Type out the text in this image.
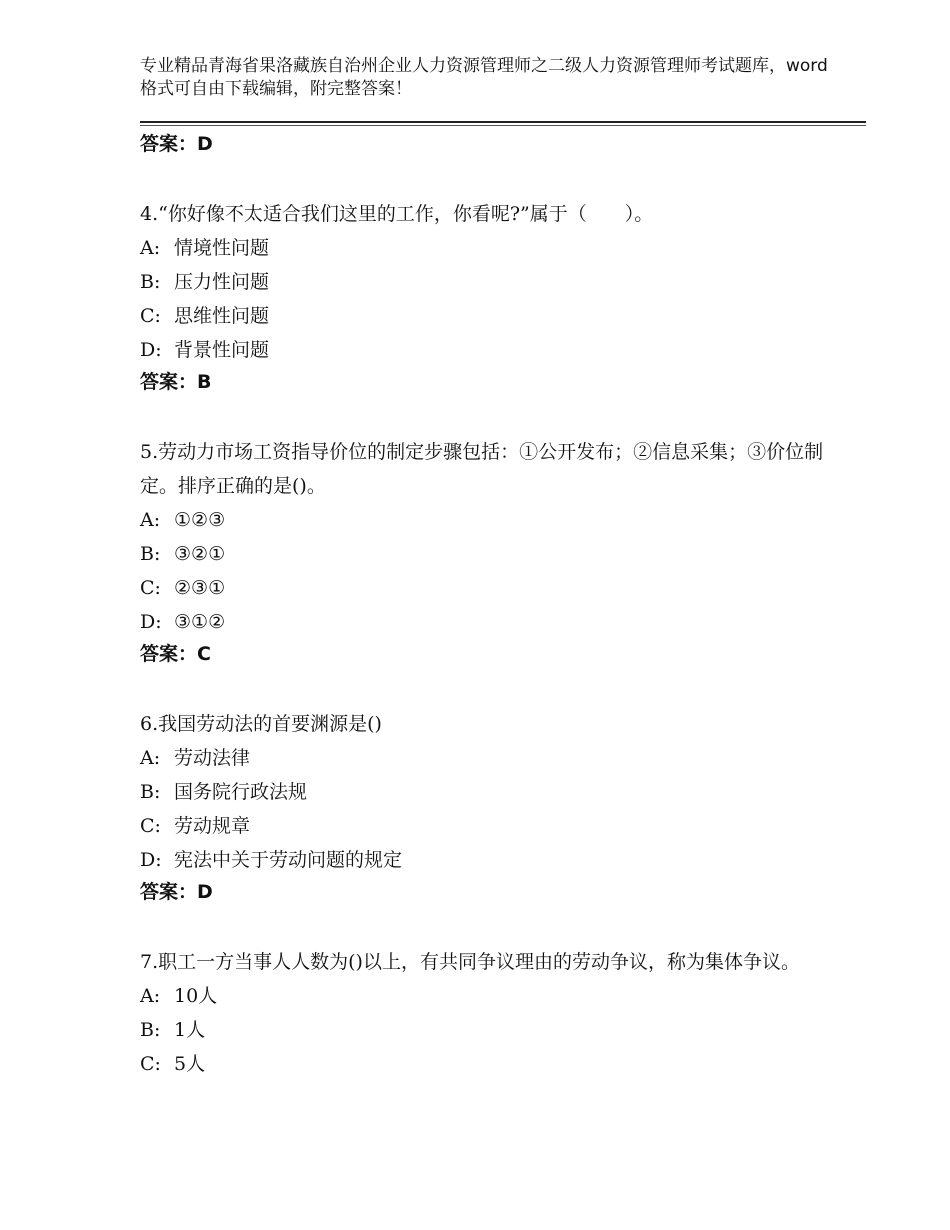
专业精品青海省果洛藏族自治州企业人力资源管理师之二级人力资源管理师考试题库，word格式可自由下载编辑，附完整答案！
答案：D
4.“你好像不太适合我们这里的工作，你看呢?”属于（　　）。
A: 情境性问题
B: 压力性问题
C: 思维性问题
D: 背景性问题
答案：B
5.劳动力市场工资指导价位的制定步骤包括：①公开发布；②信息采集；③价位制定。排序正确的是()。
A: ①②③
B: ③②①
C: ②③①
D: ③①②
答案：C
6.我国劳动法的首要渊源是()
A: 劳动法律
B: 国务院行政法规
C: 劳动规章
D: 宪法中关于劳动问题的规定
答案：D
7.职工一方当事人人数为()以上，有共同争议理由的劳动争议，称为集体争议。
A: 10人
B: 1人
C: 5人
